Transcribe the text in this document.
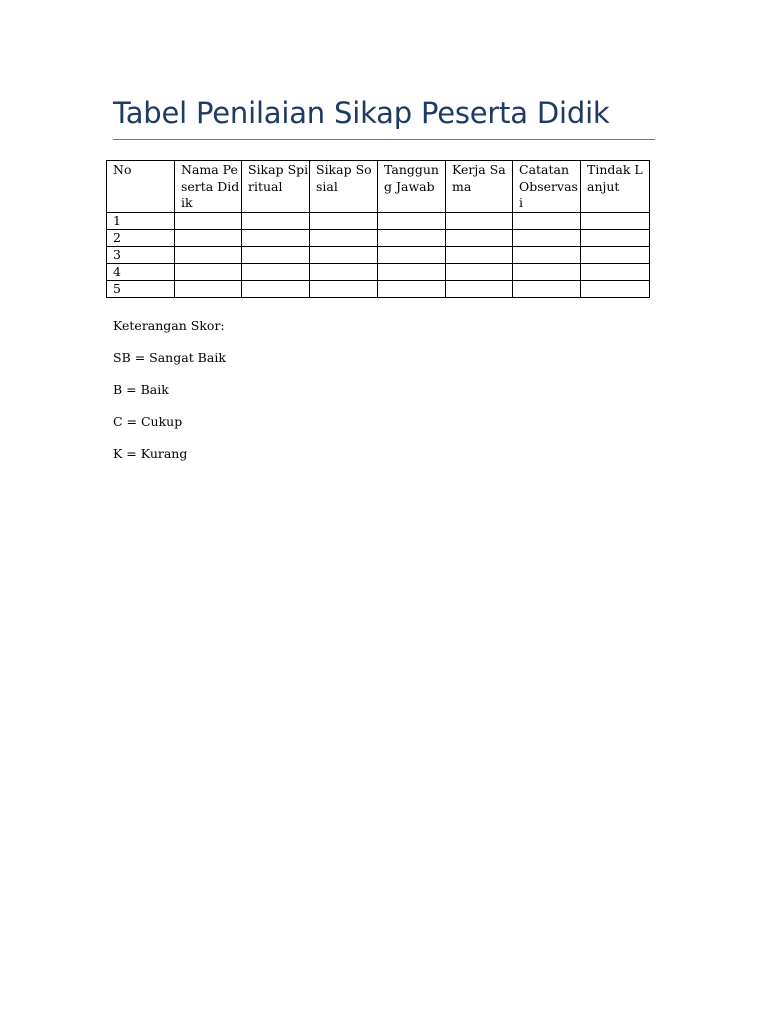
Tabel Penilaian Sikap Peserta Didik
No	Nama Peserta Didik	Sikap Spiritual	Sikap Sosial	Tanggung Jawab	Kerja Sama	Catatan Observasi	Tindak Lanjut
1							
2							
3							
4							
5							

Keterangan Skor:

SB = Sangat Baik

B = Baik

C = Cukup

K = Kurang
